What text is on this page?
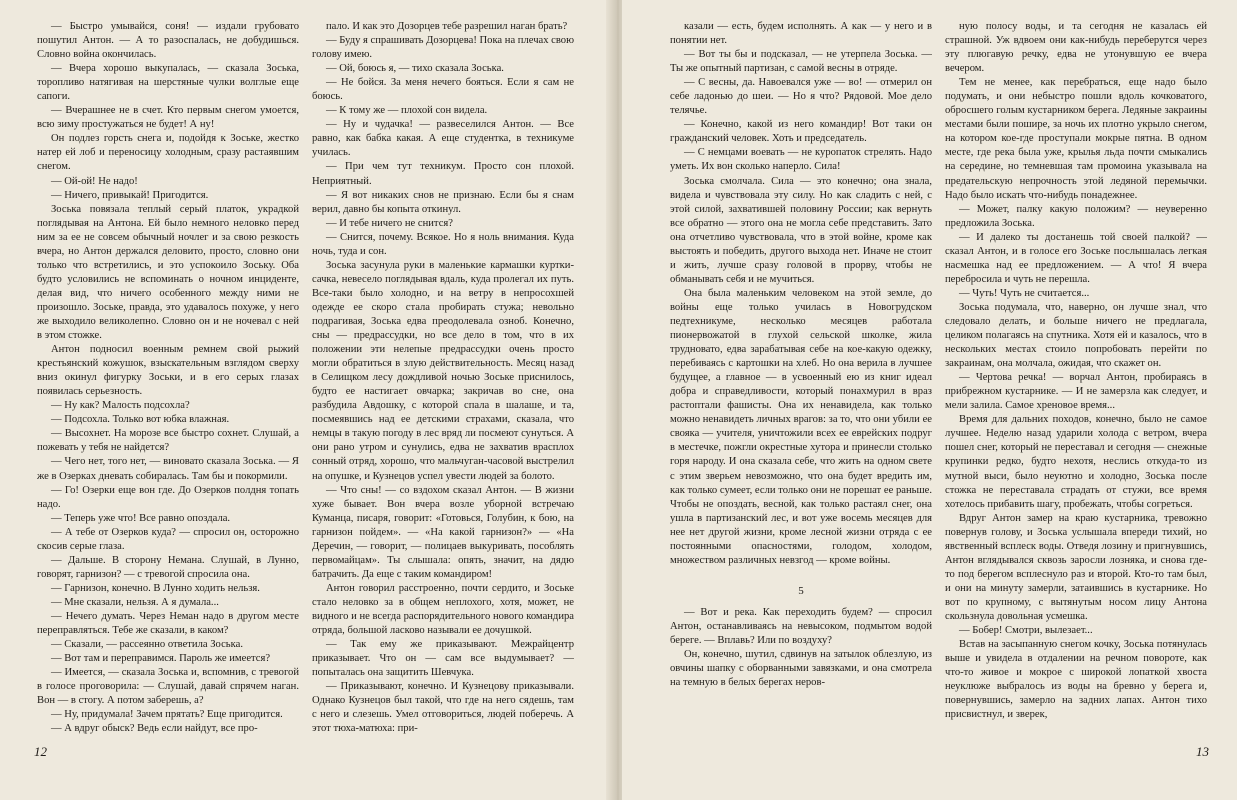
— Быстро умывайся, соня! — издали грубовато пошутил Антон. — А то разоспалась, не добудишься. Словно война окончилась.

— Вчера хорошо выкупалась, — сказала Зоська, торопливо натягивая на шерстяные чулки волглые еще сапоги.

— Вчерашнее не в счет. Кто первым снегом умоется, всю зиму простужаться не будет! А ну!

Он подлез горсть снега и, подойдя к Зоське, жестко натер ей лоб и переносицу холодным, сразу растаявшим снегом.

— Ой-ой! Не надо!

— Ничего, привыкай! Пригодится.

Зоська повязала теплый серый платок, украдкой поглядывая на Антона. Ей было немного неловко перед ним за ее не совсем обычный ночлег и за свою резкость вчера, но Антон держался деловито, просто, словно они только что встретились, и это успокоило Зоську. Оба будто условились не вспоминать о ночном инциденте, делая вид, что ничего особенного между ними не произошло. Зоське, правда, это удавалось похуже, у него же выходило великолепно. Словно он и не ночевал с ней в этом стожке.

Антон подносил военным ремнем свой рыжий крестьянский кожушок, взыскательным взглядом сверху вниз окинул фигурку Зоськи, и в его серых глазах появилась серьезность.

— Ну как? Малость подсохла?

— Подсохла. Только вот юбка влажная.

— Высохнет. На морозе все быстро сохнет. Слушай, а пожевать у тебя не найдется?

— Чего нет, того нет, — виновато сказала Зоська. — Я же в Озерках дневать собиралась. Там бы и покормили.

— Го! Озерки еще вон где. До Озерков полдня топать надо.

— Теперь уже что! Все равно опоздала.

— А тебе от Озерков куда? — спросил он, осторожно скосив серые глаза.

— Дальше. В сторону Немана. Слушай, в Лунно, говорят, гарнизон? — с тревогой спросила она.

— Гарнизон, конечно. В Лунно ходить нельзя.

— Мне сказали, нельзя. А я думала...

— Нечего думать. Через Неман надо в другом месте переправляться. Тебе же сказали, в каком?

— Сказали, — рассеянно ответила Зоська.

— Вот там и переправимся. Пароль же имеется?

— Имеется, — сказала Зоська и, вспомнив, с тревогой в голосе проговорила: — Слушай, давай спрячем наган. Вон — в стогу. А потом заберешь, а?

— Ну, придумала! Зачем прятать? Еще пригодится.

— А вдруг обыск? Ведь если найдут, все про-

пало. И как это Дозорцев тебе разрешил наган брать?

— Буду я спрашивать Дозорцева! Пока на плечах свою голову имею.

— Ой, боюсь я, — тихо сказала Зоська.

— Не бойся. За меня нечего бояться. Если я сам не боюсь.

— К тому же — плохой сон видела.

— Ну и чудачка! — развеселился Антон. — Все равно, как бабка какая. А еще студентка, в техникуме училась.

— При чем тут техникум. Просто сон плохой. Неприятный.

— Я вот никаких снов не признаю. Если бы я снам верил, давно бы копыта откинул.

— И тебе ничего не снится?

— Снится, почему. Всякое. Но я ноль внимания. Куда ночь, туда и сон.

Зоська засунула руки в маленькие кармашки куртки-сачка, невесело поглядывая вдаль, куда пролегал их путь. Все-таки было холодно, и на ветру в непросохшей одежде ее скоро стала пробирать стужа; невольно подрагивая, Зоська едва преодолевала озноб. Конечно, сны — предрассудки, но все дело в том, что в их положении эти нелепые предрассудки очень просто могли обратиться в злую действительность. Месяц назад в Селищком лесу дождливой ночью Зоське приснилось, будто ее настигает овчарка; закричав во сне, она разбудила Авдошку, с которой спала в шалаше, и та, посмеявшись над ее детскими страхами, сказала, что немцы в такую погоду в лес вряд ли посмеют сунуться. А они рано утром и сунулись, едва не захватив врасплох сонный отряд, хорошо, что мальчуган-часовой выстрелил на опушке, и Кузнецов успел увести людей за болото.

— Что сны! — со вздохом сказал Антон. — В жизни хуже бывает. Вон вчера возле уборной встречаю Куманца, писаря, говорит: «Готовься, Голубин, к бою, на гарнизон пойдем». — «На какой гарнизон?» — «На Деречин, — говорит, — полицаев выкуривать, пособлять первомайцам». Ты слышала: опять, значит, на дядю батрачить. Да еще с таким командиром!

Антон говорил расстроенно, почти сердито, и Зоське стало неловко за в общем неплохого, хотя, может, не видного и не всегда распорядительного нового командира отряда, большой ласково называли ее дочушкой.

— Так ему же приказывают. Межрайцентр приказывает. Что он — сам все выдумывает? — попыталась она защитить Шевчука.

— Приказывают, конечно. И Кузнецову приказывали. Однако Кузнецов был такой, что где на него сядешь, там с него и слезешь. Умел отговориться, людей поберечь. А этот тюха-матюха: при-

12

казали — есть, будем исполнять. А как — у него и в понятии нет.

— Вот ты бы и подсказал, — не утерпела Зоська. — Ты же опытный партизан, с самой весны в отряде.

— С весны, да. Навоевался уже — во! — отмерил он себе ладонью до шеи. — Но я что? Рядовой. Мое дело телячье.

— Конечно, какой из него командир! Вот таки он гражданский человек. Хоть и председатель.

— С немцами воевать — не куропаток стрелять. Надо уметь. Их вон сколько наперло. Сила!

Зоська смолчала. Сила — это конечно; она знала, видела и чувствовала эту силу. Но как сладить с ней, с этой силой, захватившей половину России; как вернуть все обратно — этого она не могла себе представить. Зато она отчетливо чувствовала, что в этой войне, кроме как выстоять и победить, другого выхода нет. Иначе не стоит и жить, лучше сразу головой в прорву, чтобы не обманывать себя и не мучиться.

Она была маленьким человеком на этой земле, до войны еще только училась в Новогрудском педтехникуме, несколько месяцев работала пионервожатой в глухой сельской школке, жила трудновато, едва зарабатывая себе на кое-какую одежку, перебиваясь с картошки на хлеб. Но она верила в лучшее будущее, а главное — в усвоенный ею из книг идеал добра и справедливости, который понахмурил в враз растоптали фашисты. Она их ненавидела, как только можно ненавидеть личных врагов: за то, что они убили ее свояка — учителя, уничтожили всех ее еврейских подруг в местечке, пожгли окрестные хутора и принесли столько горя народу. И она сказала себе, что жить на одном свете с этим зверьем невозможно, что она будет вредить им, как только сумеет, если только они не порешат ее раньше. Чтобы не опоздать, весной, как только растаял снег, она ушла в партизанский лес, и вот уже восемь месяцев для нее нет другой жизни, кроме лесной жизни отряда с ее постоянными опасностями, голодом, холодом, множеством различных невзгод — кроме войны.

5

— Вот и река. Как переходить будем? — спросил Антон, останавливаясь на невысоком, подмытом водой береге. — Вплавь? Или по воздуху?

Он, конечно, шутил, сдвинув на затылок облезлую, из овчины шапку с оборванными завязками, и она смотрела на темную в белых берегах неров-

ную полосу воды, и та сегодня не казалась ей страшной. Уж вдвоем они как-нибудь переберутся через эту плюгавую речку, едва не утонувшую ее вчера вечером.

Тем не менее, как перебраться, еще надо было подумать, и они небыстро пошли вдоль кочковатого, обросшего голым кустарником берега. Ледяные закраины местами были пошире, за ночь их плотно укрыло снегом, на котором кое-где проступали мокрые пятна. В одном месте, где река была уже, крылья льда почти смыкались на середине, но темневшая там промоина указывала на предательскую непрочность этой ледяной перемычки. Надо было искать что-нибудь понадежнее.

— Может, палку какую положим? — неуверенно предложила Зоська.

— И далеко ты достанешь той своей палкой? — сказал Антон, и в голосе его Зоське послышалась легкая насмешка над ее предложением. — А что! Я вчера перебросила и чуть не перешла.

— Чуть! Чуть не считается...

Зоська подумала, что, наверно, он лучше знал, что следовало делать, и больше ничего не предлагала, целиком полагаясь на спутника. Хотя ей и казалось, что в нескольких местах стоило попробовать перейти по закраинам, она молчала, ожидая, что скажет он.

— Чертова речка! — ворчал Антон, пробираясь в прибрежном кустарнике. — И не замерзла как следует, и мели залила. Самое хреновое время...

Время для дальних походов, конечно, было не самое лучшее. Неделю назад ударили холода с ветром, вчера пошел снег, который не переставал и сегодня — снежные крупинки редко, будто нехотя, неслись откуда-то из мутной выси, было неуютно и холодно, Зоська после стожка не переставала страдать от стужи, все время хотелось прибавить шагу, пробежать, чтобы согреться.

Вдруг Антон замер на краю кустарника, тревожно повернув голову, и Зоська услышала впереди тихий, но явственный всплеск воды. Отведя лозину и пригнувшись, Антон вглядывался сквозь заросли лозняка, и снова где-то под берегом всплеснуло раз и второй. Кто-то там был, и они на минуту замерли, затаившись в кустарнике. Но вот по крупному, с вытянутым носом лицу Антона скользнула довольная усмешка.

— Бобер! Смотри, вылезает...

Встав на засыпанную снегом кочку, Зоська потянулась выше и увидела в отдалении на речном повороте, как что-то живое и мокрое с широкой лопаткой хвоста неуклюже выбралось из воды на бревно у берега и, повернувшись, замерло на задних лапах. Антон тихо присвистнул, и зверек,

13
